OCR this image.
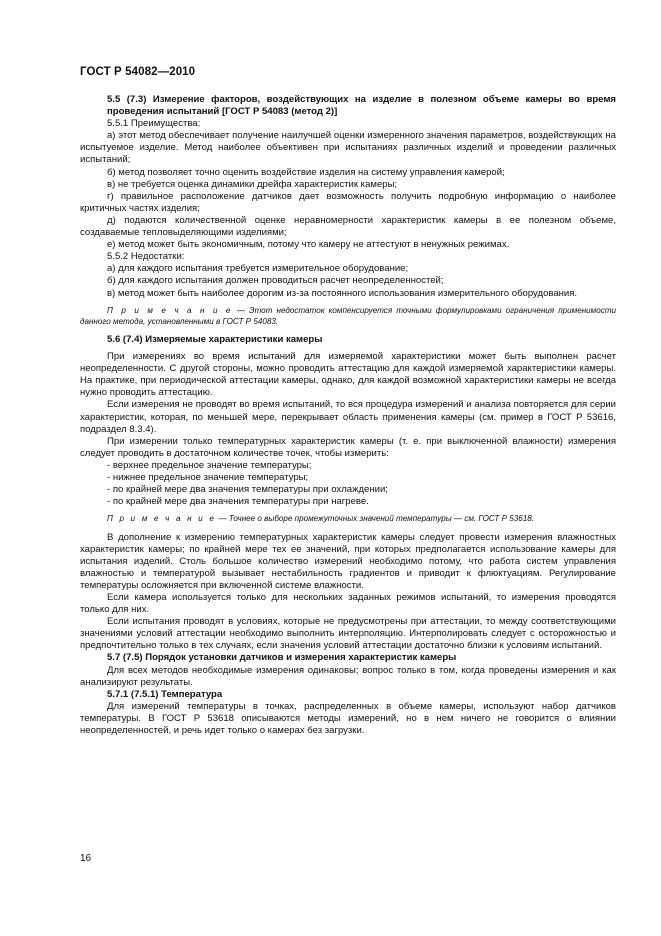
ГОСТ Р 54082—2010

5.5 (7.3) Измерение факторов, воздействующих на изделие в полезном объеме камеры во время проведения испытаний [ГОСТ Р 54083 (метод 2)]

5.5.1 Преимущества:

а) этот метод обеспечивает получение наилучшей оценки измеренного значения параметров, воздействующих на испытуемое изделие. Метод наиболее объективен при испытаниях различных изделий и проведении различных испытаний;

б) метод позволяет точно оценить воздействие изделия на систему управления камерой;

в) не требуется оценка динамики дрейфа характеристик камеры;

г) правильное расположение датчиков дает возможность получить подробную информацию о наиболее критичных частях изделия;

д) подаются количественной оценке неравномерности характеристик камеры в ее полезном объеме, создаваемые тепловыделяющими изделиями;

е) метод может быть экономичным, потому что камеру не аттестуют в ненужных режимах.

5.5.2 Недостатки:

а) для каждого испытания требуется измерительное оборудование;

б) для каждого испытания должен проводиться расчет неопределенностей;

в) метод может быть наиболее дорогим из-за постоянного использования измерительного оборудования.

П р и м е ч а н и е — Этот недостаток компенсируется точными формулировками ограничения применимости данного метода, установленными в ГОСТ Р 54083.

5.6 (7.4) Измеряемые характеристики камеры

При измерениях во время испытаний для измеряемой характеристики может быть выполнен расчет неопределенности. С другой стороны, можно проводить аттестацию для каждой измеряемой характеристики камеры. На практике, при периодической аттестации камеры, однако, для каждой возможной характеристики камеры не всегда нужно проводить аттестацию.

Если измерения не проводят во время испытаний, то вся процедура измерений и анализа повторяется для серии характеристик, которая, по меньшей мере, перекрывает область применения камеры (см. пример в ГОСТ Р 53616, подраздел 8.3.4).

При измерении только температурных характеристик камеры (т. е. при выключенной влажности) измерения следует проводить в достаточном количестве точек, чтобы измерить:

- верхнее предельное значение температуры;

- нижнее предельное значение температуры;

- по крайней мере два значения температуры при охлаждении;

- по крайней мере два значения температуры при нагреве.

П р и м е ч а н и е — Точнее о выборе промежуточных значений температуры — см. ГОСТ Р 53618.

В дополнение к измерению температурных характеристик камеры следует провести измерения влажностных характеристик камеры; по крайней мере тех ее значений, при которых предполагается использование камеры для испытания изделий. Столь большое количество измерений необходимо потому, что работа систем управления влажностью и температурой вызывает нестабильность градиентов и приводит к флюктуациям. Регулирование температуры осложняется при включенной системе влажности.

Если камера используется только для нескольких заданных режимов испытаний, то измерения проводятся только для них.

Если испытания проводят в условиях, которые не предусмотрены при аттестации, то между соответствующими значениями условий аттестации необходимо выполнить интерполяцию. Интерполировать следует с осторожностью и предпочтительно только в тех случаях, если значения условий аттестации достаточно близки к условиям испытаний.

5.7 (7.5) Порядок установки датчиков и измерения характеристик камеры

Для всех методов необходимые измерения одинаковы; вопрос только в том, когда проведены измерения и как анализируют результаты.

5.7.1 (7.5.1) Температура

Для измерений температуры в точках, распределенных в объеме камеры, используют набор датчиков температуры. В ГОСТ Р 53618 описываются методы измерений, но в нем ничего не говорится о влиянии неопределенностей, и речь идет только о камерах без загрузки.

16
